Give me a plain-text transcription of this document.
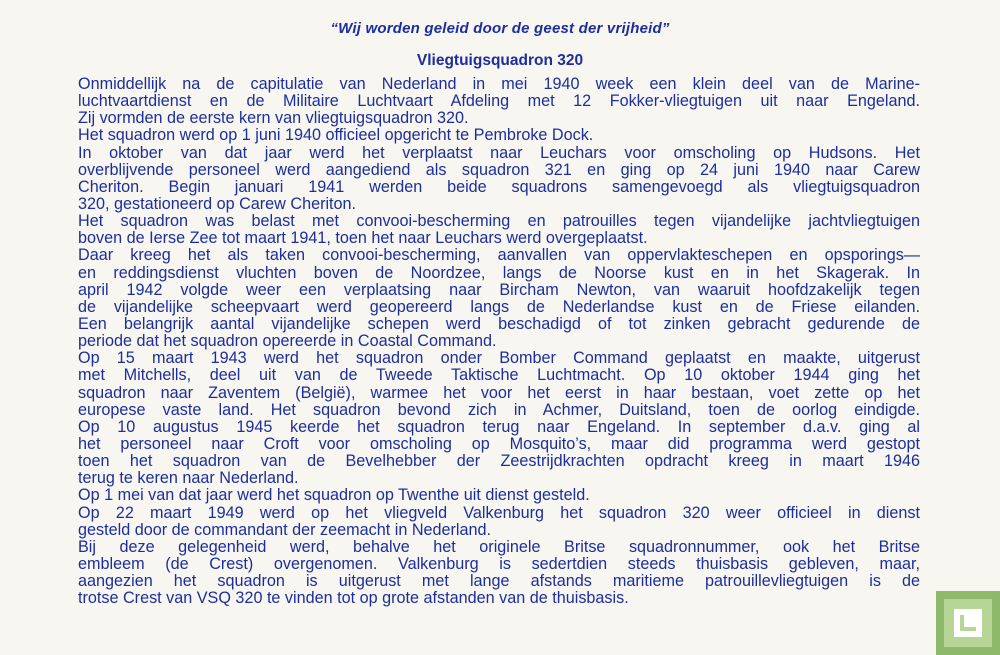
“Wij worden geleid door de geest der vrijheid”
Vliegtuigsquadron 320
Onmiddellijk na de capitulatie van Nederland in mei 1940 week een klein deel van de Marine-
luchtvaartdienst en de Militaire Luchtvaart Afdeling met 12 Fokker-vliegtuigen uit naar Engeland.
Zij vormden de eerste kern van vliegtuigsquadron 320.
Het squadron werd op 1 juni 1940 officieel opgericht te Pembroke Dock.
In oktober van dat jaar werd het verplaatst naar Leuchars voor omscholing op Hudsons. Het
overblijvende personeel werd aangediend als squadron 321 en ging op 24 juni 1940 naar Carew
Cheriton. Begin januari 1941 werden beide squadrons samengevoegd als vliegtuigsquadron
320, gestationeerd op Carew Cheriton.
Het squadron was belast met convooi-bescherming en patrouilles tegen vijandelijke jachtvliegtuigen
boven de Ierse Zee tot maart 1941, toen het naar Leuchars werd overgeplaatst.
Daar kreeg het als taken convooi-bescherming, aanvallen van oppervlakteschepen en opsporings—
en reddingsdienst vluchten boven de Noordzee, langs de Noorse kust en in het Skagerak. In
april 1942 volgde weer een verplaatsing naar Bircham Newton, van waaruit hoofdzakelijk tegen
de vijandelijke scheepvaart werd geopereerd langs de Nederlandse kust en de Friese eilanden.
Een belangrijk aantal vijandelijke schepen werd beschadigd of tot zinken gebracht gedurende de
periode dat het squadron opereerde in Coastal Command.
Op 15 maart 1943 werd het squadron onder Bomber Command geplaatst en maakte, uitgerust
met Mitchells, deel uit van de Tweede Taktische Luchtmacht. Op 10 oktober 1944 ging het
squadron naar Zaventem (België), warmee het voor het eerst in haar bestaan, voet zette op het
europese vaste land. Het squadron bevond zich in Achmer, Duitsland, toen de oorlog eindigde.
Op 10 augustus 1945 keerde het squadron terug naar Engeland. In september d.a.v. ging al
het personeel naar Croft voor omscholing op Mosquito’s, maar did programma werd gestopt
toen het squadron van de Bevelhebber der Zeestrijdkrachten opdracht kreeg in maart 1946
terug te keren naar Nederland.
Op 1 mei van dat jaar werd het squadron op Twenthe uit dienst gesteld.
Op 22 maart 1949 werd op het vliegveld Valkenburg het squadron 320 weer officieel in dienst
gesteld door de commandant der zeemacht in Nederland.
Bij deze gelegenheid werd, behalve het originele Britse squadronnummer, ook het Britse
embleem (de Crest) overgenomen. Valkenburg is sedertdien steeds thuisbasis gebleven, maar,
aangezien het squadron is uitgerust met lange afstands maritieme patrouillevliegtuigen is de
trotse Crest van VSQ 320 te vinden tot op grote afstanden van de thuisbasis.
